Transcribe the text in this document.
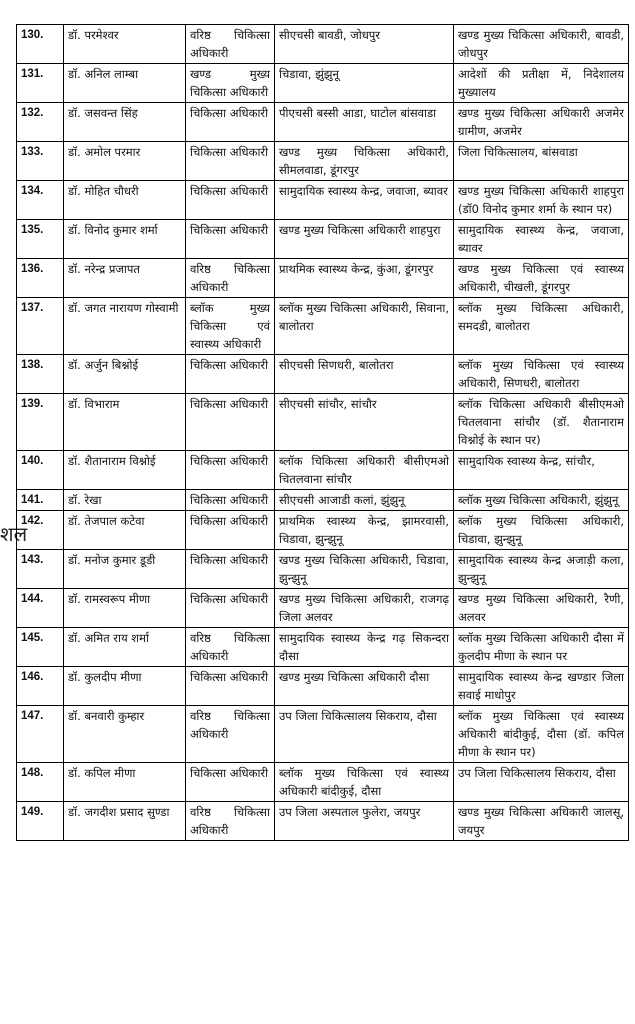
शल
130.	डॉ. परमेश्वर	वरिष्ठ चिकित्सा अधिकारी	सीएचसी बावडी, जोधपुर	खण्ड मुख्य चिकित्सा अधिकारी, बावडी, जोधपुर
131.	डॉ. अनिल लाम्बा	खण्ड मुख्य चिकित्सा अधिकारी	चिडावा, झुंझुनू	आदेशों की प्रतीक्षा में, निदेशालय मुख्यालय
132.	डॉ. जसवन्त सिंह	चिकित्सा अधिकारी	पीएचसी बस्सी आडा, घाटोल बांसवाडा	खण्ड मुख्य चिकित्सा अधिकारी अजमेर ग्रामीण, अजमेर
133.	डॉ. अमोल परमार	चिकित्सा अधिकारी	खण्ड मुख्य चिकित्सा अधिकारी, सीमलवाडा, डूंगरपुर	जिला चिकित्सालय, बांसवाडा
134.	डॉ. मोहित चौधरी	चिकित्सा अधिकारी	सामुदायिक स्वास्थ्य केन्द्र, जवाजा, ब्यावर	खण्ड मुख्य चिकित्सा अधिकारी शाहपुरा (डॉ0 विनोद कुमार शर्मा के स्थान पर)
135.	डॉ. विनोद कुमार शर्मा	चिकित्सा अधिकारी	खण्ड मुख्य चिकित्सा अधिकारी शाहपुरा	सामुदायिक स्वास्थ्य केन्द्र, जवाजा, ब्यावर
136.	डॉ. नरेन्द्र प्रजापत	वरिष्ठ चिकित्सा अधिकारी	प्राथमिक स्वास्थ्य केन्द्र, कुंआ, डूंगरपुर	खण्ड मुख्य चिकित्सा एवं स्वास्थ्य अधिकारी, चीखली, डूंगरपुर
137.	डॉ. जगत नारायण गोस्वामी	ब्लॉक मुख्य चिकित्सा एवं स्वास्थ्य अधिकारी	ब्लॉक मुख्य चिकित्सा अधिकारी, सिवाना, बालोतरा	ब्लॉक मुख्य चिकित्सा अधिकारी, समदडी, बालोतरा
138.	डॉ. अर्जुन बिश्नोई	चिकित्सा अधिकारी	सीएचसी सिणधरी, बालोतरा	ब्लॉक मुख्य चिकित्सा एवं स्वास्थ्य अधिकारी, सिणधरी, बालोतरा
139.	डॉ. विभाराम	चिकित्सा अधिकारी	सीएचसी सांचौर, सांचौर	ब्लॉक चिकित्सा अधिकारी बीसीएमओ चितलवाना सांचौर (डॉ. शैतानाराम विश्नोई के स्थान पर)
140.	डॉ. शैतानाराम विश्नोई	चिकित्सा अधिकारी	ब्लॉक चिकित्सा अधिकारी बीसीएमओ चितलवाना सांचौर	सामुदायिक स्वास्थ्य केन्द्र, सांचौर,
141.	डॉ. रेखा	चिकित्सा अधिकारी	सीएचसी आजाडी कलां, झुंझुनू	ब्लॉक मुख्य चिकित्सा अधिकारी, झुंझुनू
142.	डॉ. तेजपाल कटेवा	चिकित्सा अधिकारी	प्राथमिक स्वास्थ्य केन्द्र, झामरवासी, चिडावा, झुन्झुनू	ब्लॉक मुख्य चिकित्सा अधिकारी, चिडावा, झुन्झुनू
143.	डॉ. मनोज कुमार डूडी	चिकित्सा अधिकारी	खण्ड मुख्य चिकित्सा अधिकारी, चिडावा, झुन्झुनू	सामुदायिक स्वास्थ्य केन्द्र अजाड़ी कला, झुन्झुनू
144.	डॉ. रामस्वरूप मीणा	चिकित्सा अधिकारी	खण्ड मुख्य चिकित्सा अधिकारी, राजगढ़ जिला अलवर	खण्ड मुख्य चिकित्सा अधिकारी, रैणी, अलवर
145.	डॉ. अमित राय शर्मा	वरिष्ठ चिकित्सा अधिकारी	सामुदायिक स्वास्थ्य केन्द्र गढ़ सिकन्दरा दौसा	ब्लॉक मुख्य चिकित्सा अधिकारी दौसा में कुलदीप मीणा के स्थान पर
146.	डॉ. कुलदीप मीणा	चिकित्सा अधिकारी	खण्ड मुख्य चिकित्सा अधिकारी दौसा	सामुदायिक स्वास्थ्य केन्द्र खण्डार जिला सवाई माधोपुर
147.	डॉ. बनवारी कुम्हार	वरिष्ठ चिकित्सा अधिकारी	उप जिला चिकित्सालय सिकराय, दौसा	ब्लॉक मुख्य चिकित्सा एवं स्वास्थ्य अधिकारी बांदीकुई, दौसा (डॉ. कपिल मीणा के स्थान पर)
148.	डॉ. कपिल मीणा	चिकित्सा अधिकारी	ब्लॉक मुख्य चिकित्सा एवं स्वास्थ्य अधिकारी बांदीकुई, दौसा	उप जिला चिकित्सालय सिकराय, दौसा
149.	डॉ. जगदीश प्रसाद सुण्डा	वरिष्ठ चिकित्सा अधिकारी	उप जिला अस्पताल फुलेरा, जयपुर	खण्ड मुख्य चिकित्सा अधिकारी जालसू, जयपुर
